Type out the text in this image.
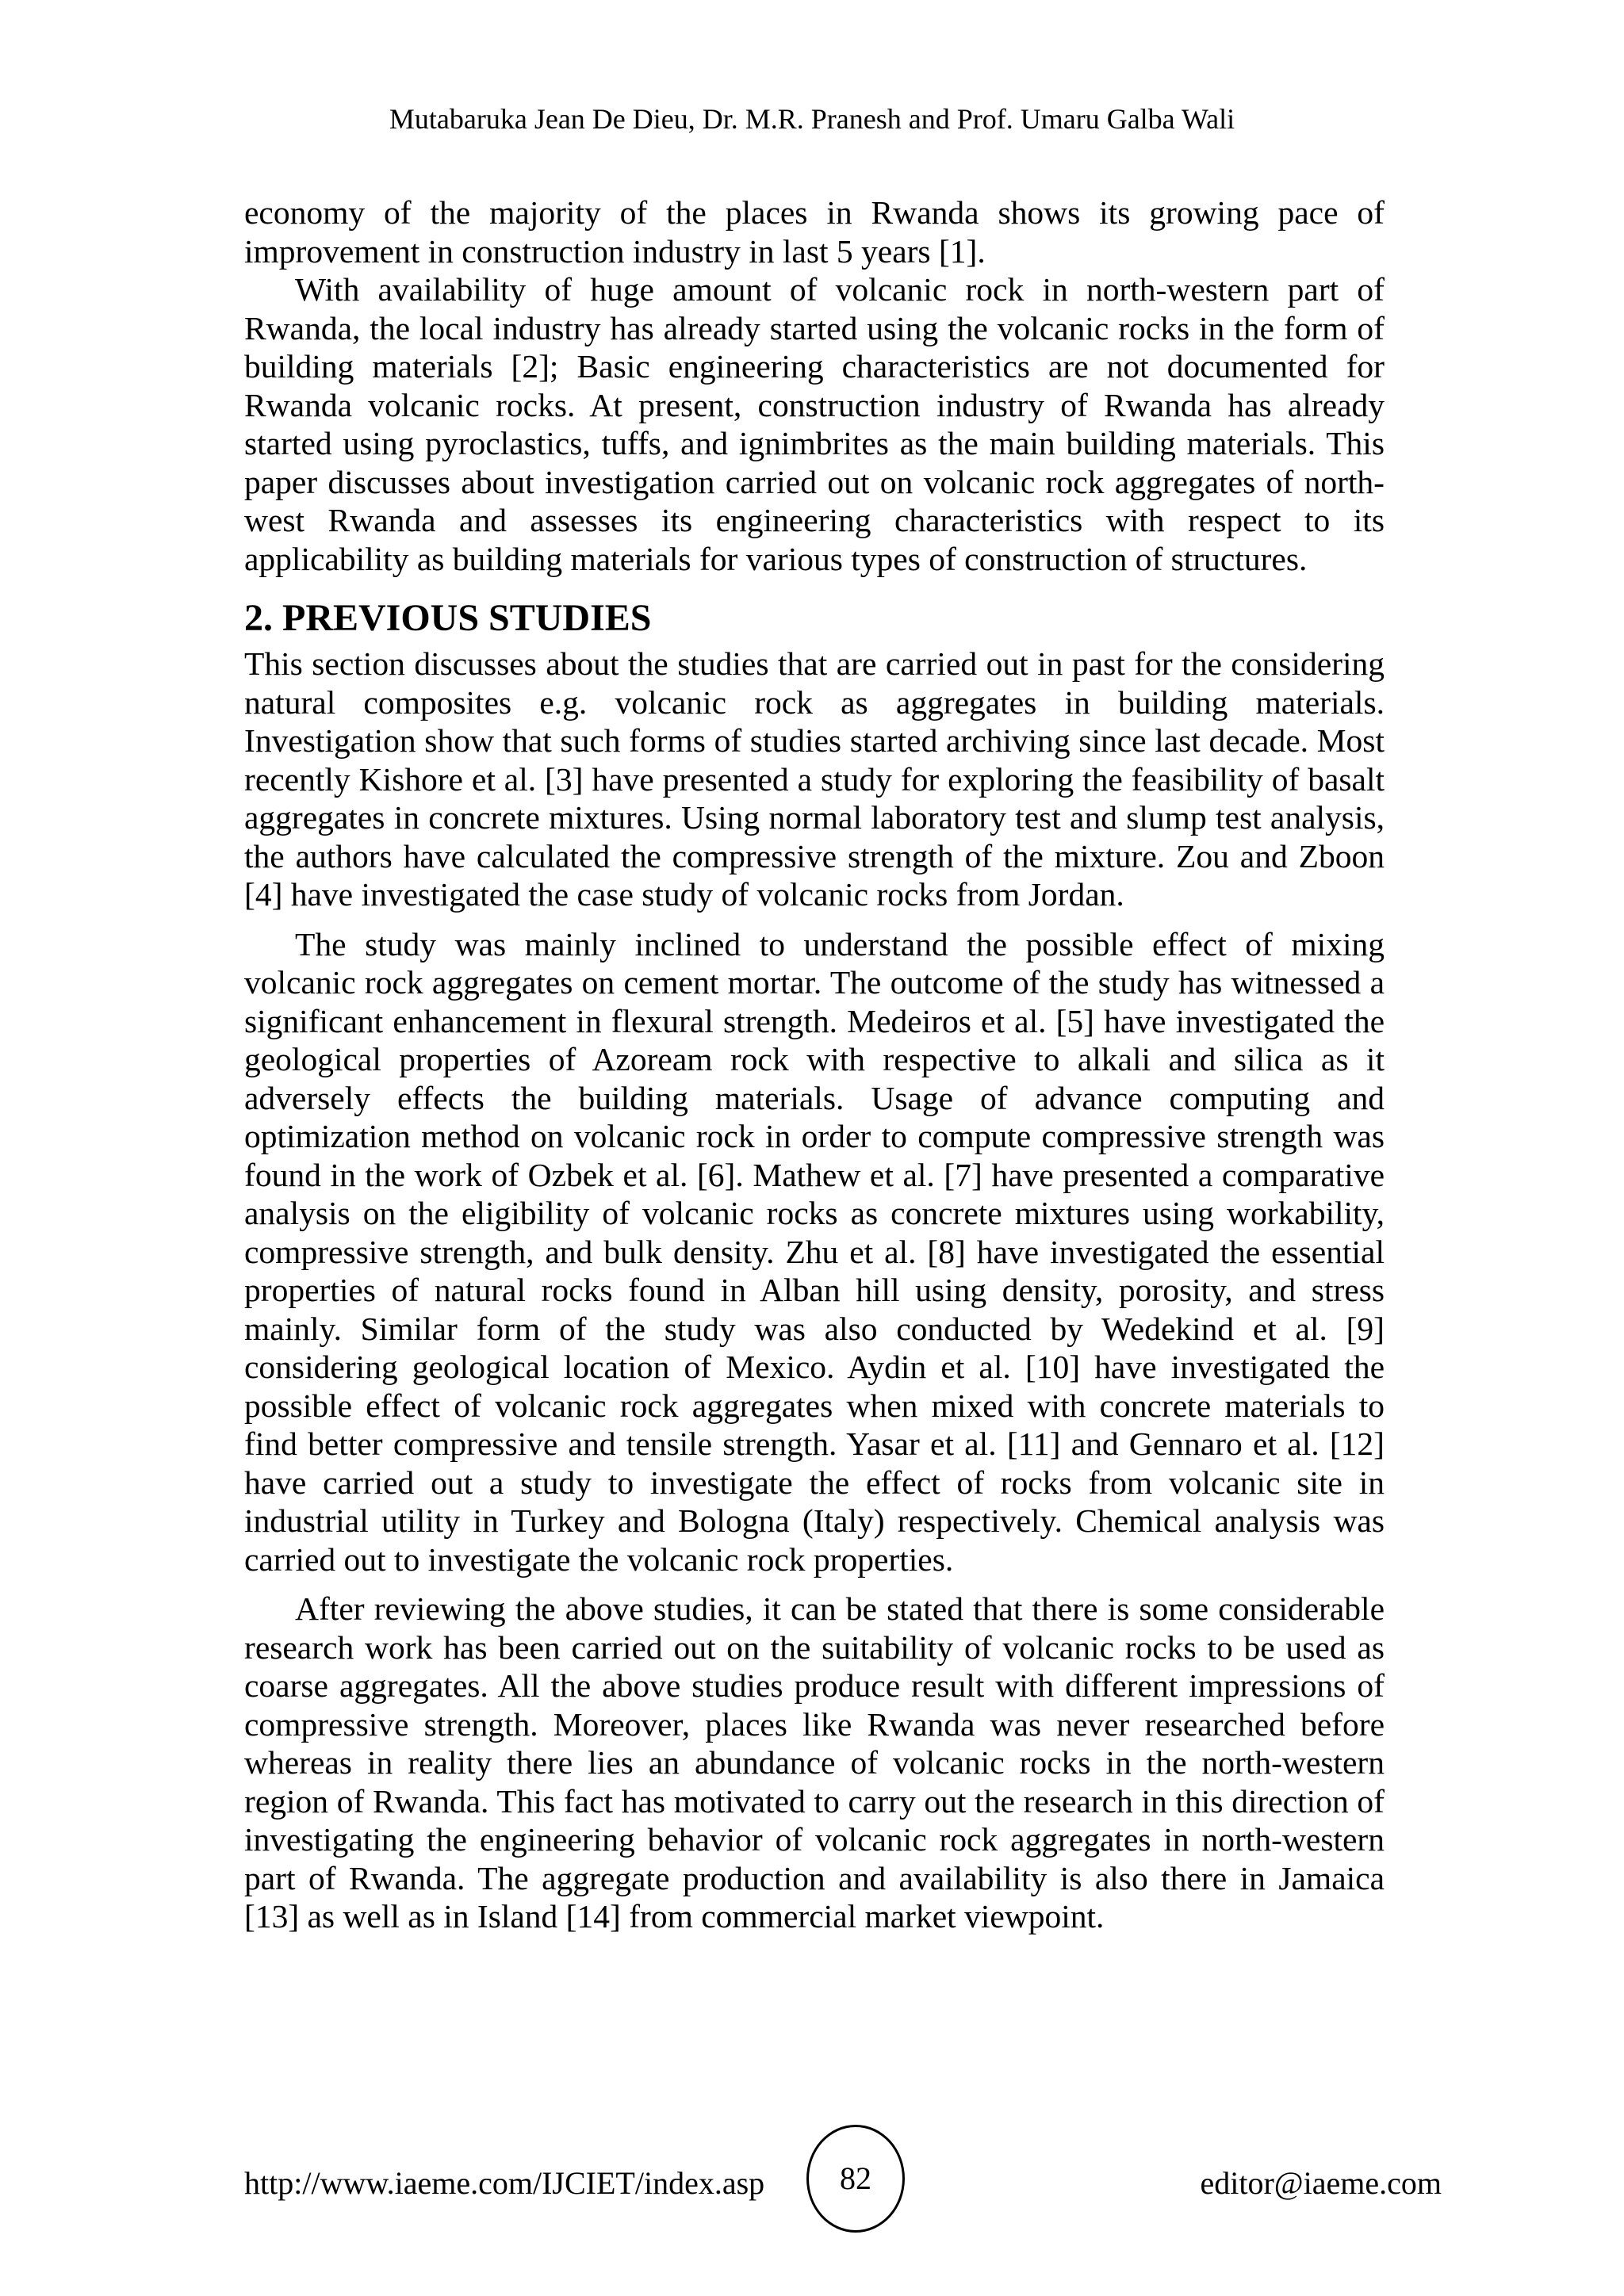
Mutabaruka Jean De Dieu, Dr. M.R. Pranesh and Prof. Umaru Galba Wali

economy of the majority of the places in Rwanda shows its growing pace of improvement in construction industry in last 5 years [1].

With availability of huge amount of volcanic rock in north-western part of Rwanda, the local industry has already started using the volcanic rocks in the form of building materials [2]; Basic engineering characteristics are not documented for Rwanda volcanic rocks. At present, construction industry of Rwanda has already started using pyroclastics, tuffs, and ignimbrites as the main building materials. This paper discusses about investigation carried out on volcanic rock aggregates of north-west Rwanda and assesses its engineering characteristics with respect to its applicability as building materials for various types of construction of structures.

2. PREVIOUS STUDIES

This section discusses about the studies that are carried out in past for the considering natural composites e.g. volcanic rock as aggregates in building materials. Investigation show that such forms of studies started archiving since last decade. Most recently Kishore et al. [3] have presented a study for exploring the feasibility of basalt aggregates in concrete mixtures. Using normal laboratory test and slump test analysis, the authors have calculated the compressive strength of the mixture. Zou and Zboon [4] have investigated the case study of volcanic rocks from Jordan.

The study was mainly inclined to understand the possible effect of mixing volcanic rock aggregates on cement mortar. The outcome of the study has witnessed a significant enhancement in flexural strength. Medeiros et al. [5] have investigated the geological properties of Azoream rock with respective to alkali and silica as it adversely effects the building materials. Usage of advance computing and optimization method on volcanic rock in order to compute compressive strength was found in the work of Ozbek et al. [6]. Mathew et al. [7] have presented a comparative analysis on the eligibility of volcanic rocks as concrete mixtures using workability, compressive strength, and bulk density. Zhu et al. [8] have investigated the essential properties of natural rocks found in Alban hill using density, porosity, and stress mainly. Similar form of the study was also conducted by Wedekind et al. [9] considering geological location of Mexico. Aydin et al. [10] have investigated the possible effect of volcanic rock aggregates when mixed with concrete materials to find better compressive and tensile strength. Yasar et al. [11] and Gennaro et al. [12] have carried out a study to investigate the effect of rocks from volcanic site in industrial utility in Turkey and Bologna (Italy) respectively. Chemical analysis was carried out to investigate the volcanic rock properties.

After reviewing the above studies, it can be stated that there is some considerable research work has been carried out on the suitability of volcanic rocks to be used as coarse aggregates. All the above studies produce result with different impressions of compressive strength. Moreover, places like Rwanda was never researched before whereas in reality there lies an abundance of volcanic rocks in the north-western region of Rwanda. This fact has motivated to carry out the research in this direction of investigating the engineering behavior of volcanic rock aggregates in north-western part of Rwanda. The aggregate production and availability is also there in Jamaica [13] as well as in Island [14] from commercial market viewpoint.

http://www.iaeme.com/IJCIET/index.asp 82	editor@iaeme.com
